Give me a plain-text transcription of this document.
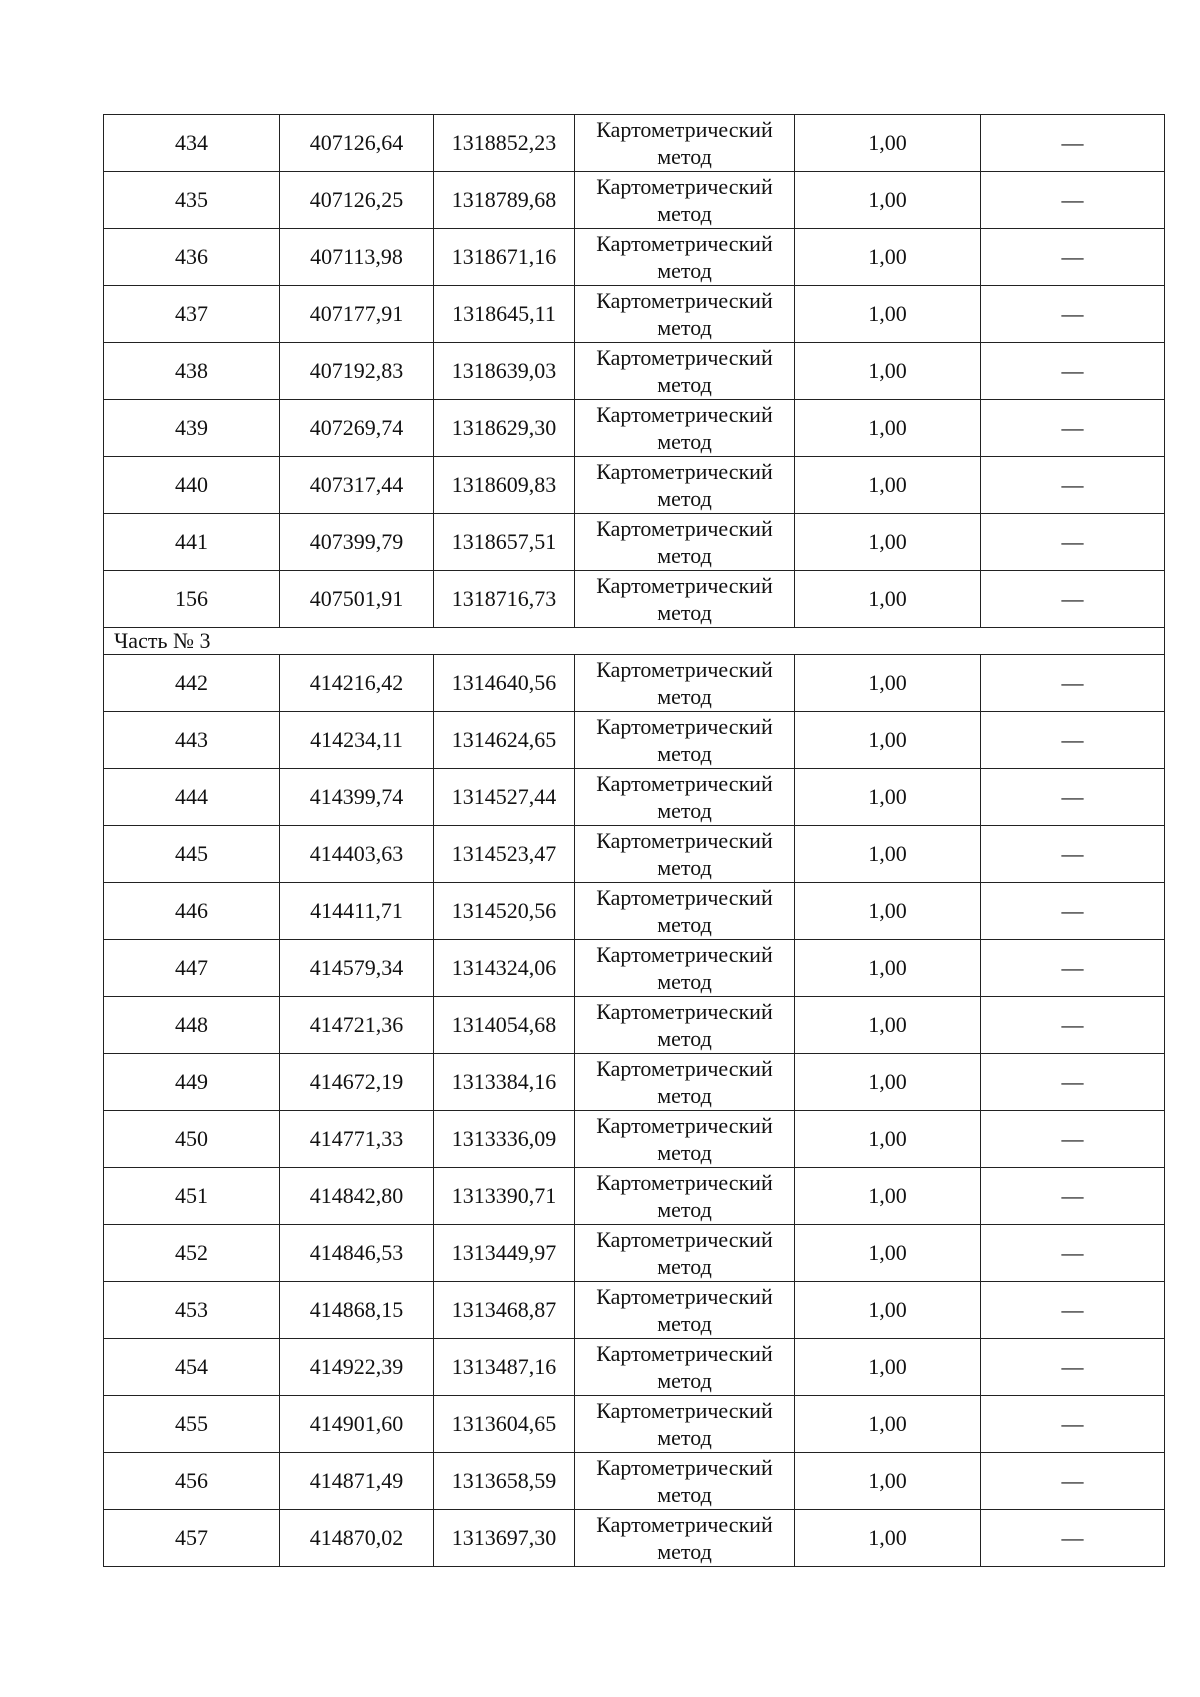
434	407126,64	1318852,23	Картометрический метод	1,00	—
435	407126,25	1318789,68	Картометрический метод	1,00	—
436	407113,98	1318671,16	Картометрический метод	1,00	—
437	407177,91	1318645,11	Картометрический метод	1,00	—
438	407192,83	1318639,03	Картометрический метод	1,00	—
439	407269,74	1318629,30	Картометрический метод	1,00	—
440	407317,44	1318609,83	Картометрический метод	1,00	—
441	407399,79	1318657,51	Картометрический метод	1,00	—
156	407501,91	1318716,73	Картометрический метод	1,00	—
Часть № 3					
442	414216,42	1314640,56	Картометрический метод	1,00	—
443	414234,11	1314624,65	Картометрический метод	1,00	—
444	414399,74	1314527,44	Картометрический метод	1,00	—
445	414403,63	1314523,47	Картометрический метод	1,00	—
446	414411,71	1314520,56	Картометрический метод	1,00	—
447	414579,34	1314324,06	Картометрический метод	1,00	—
448	414721,36	1314054,68	Картометрический метод	1,00	—
449	414672,19	1313384,16	Картометрический метод	1,00	—
450	414771,33	1313336,09	Картометрический метод	1,00	—
451	414842,80	1313390,71	Картометрический метод	1,00	—
452	414846,53	1313449,97	Картометрический метод	1,00	—
453	414868,15	1313468,87	Картометрический метод	1,00	—
454	414922,39	1313487,16	Картометрический метод	1,00	—
455	414901,60	1313604,65	Картометрический метод	1,00	—
456	414871,49	1313658,59	Картометрический метод	1,00	—
457	414870,02	1313697,30	Картометрический метод	1,00	—
